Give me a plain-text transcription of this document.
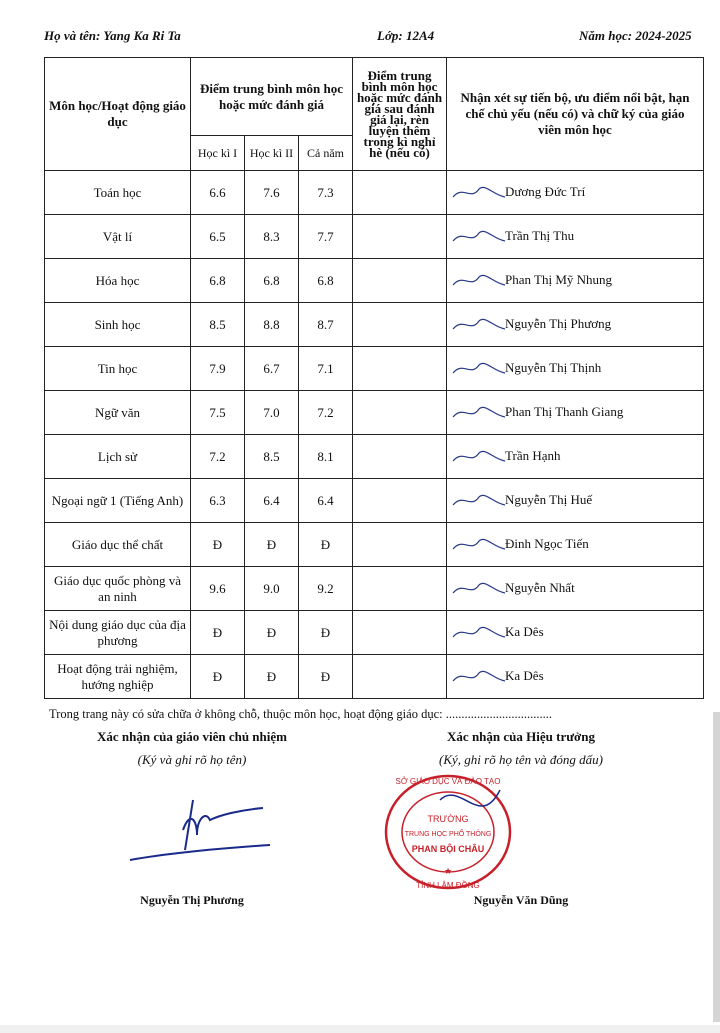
Họ và tên: Yang Ka Ri Ta	Lớp: 12A4	Năm học: 2024-2025
Môn học/Hoạt động giáo dục	Điểm trung bình môn học hoặc mức đánh giá			Điểm trung bình môn học hoặc mức đánh giá sau đánh giá lại, rèn luyện thêm trong kì nghỉ hè (nếu có)	Nhận xét sự tiến bộ, ưu điểm nổi bật, hạn chế chủ yếu (nếu có) và chữ ký của giáo viên môn học
	Học kì I	Học kì II	Cả năm		
Toán học	6.6	7.6	7.3		Dương Đức Trí

Vật lí	6.5	8.3	7.7		Trần Thị Thu

Hóa học	6.8	6.8	6.8		Phan Thị Mỹ Nhung

Sinh học	8.5	8.8	8.7		Nguyễn Thị Phương

Tin học	7.9	6.7	7.1		Nguyễn Thị Thịnh

Ngữ văn	7.5	7.0	7.2		Phan Thị Thanh Giang

Lịch sử	7.2	8.5	8.1		Trần Hạnh

Ngoại ngữ 1 (Tiếng Anh)	6.3	6.4	6.4		Nguyễn Thị Huế

Giáo dục thể chất	Đ	Đ	Đ		Đinh Ngọc Tiến

Giáo dục quốc phòng và an ninh	9.6	9.0	9.2		Nguyễn Nhất

Nội dung giáo dục của địa phương	Đ	Đ	Đ		Ka Dês

Hoạt động trải nghiệm, hướng nghiệp	Đ	Đ	Đ		Ka Dês
Trong trang này có sửa chữa ở không chỗ, thuộc môn học, hoạt động giáo dục: ..................................
Xác nhận của giáo viên chủ nhiệm
(Ký và ghi rõ họ tên)
Xác nhận của Hiệu trưởng
(Ký, ghi rõ họ tên và đóng dấu)
TRƯỜNG
TRUNG HỌC PHỔ THÔNG
PHAN BỘI CHÂU
SỞ GIÁO DỤC VÀ ĐÀO TẠO
TỈNH LÂM ĐỒNG
★
Nguyễn Thị Phương	Nguyễn Văn Dũng
